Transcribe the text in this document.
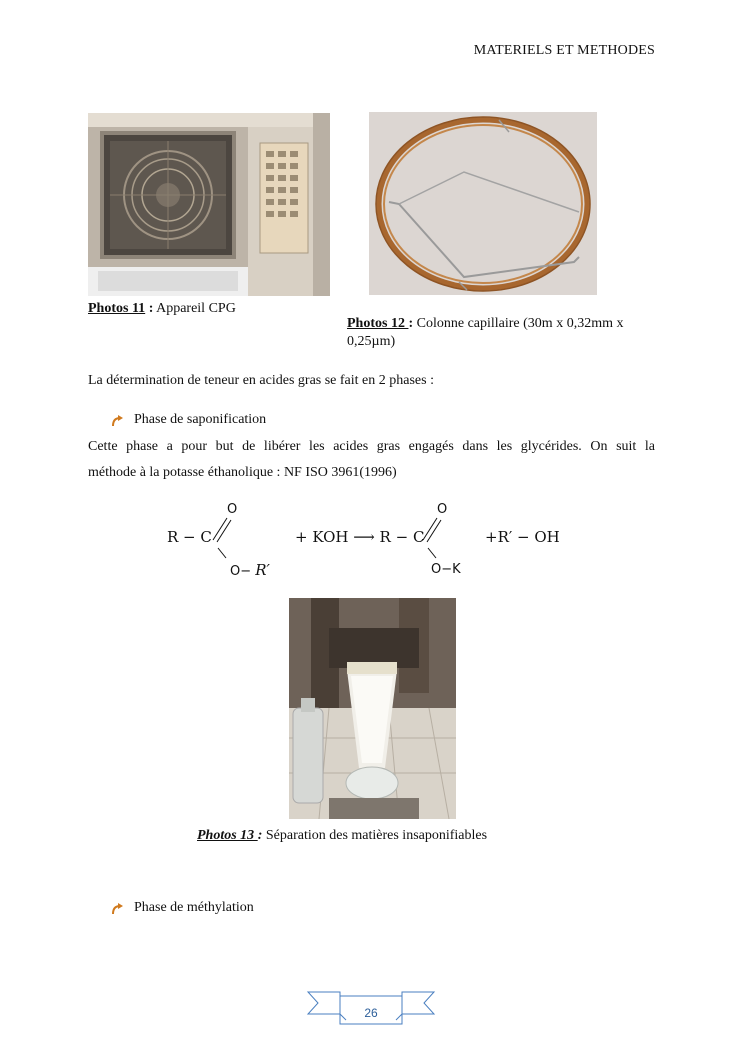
MATERIELS ET METHODES
Photos 11 : Appareil CPG
Photos 12 : Colonne capillaire (30m x 0,32mm x
0,25µm)
La détermination de teneur en acides gras se fait en 2 phases :
Phase de saponification
Cette phase a pour but de libérer les acides gras engagés dans les glycérides. On suit la
méthode à la potasse éthanolique : NF ISO 3961(1996)
R − C
O
O− R′
+ KOH ⟶ R − C
O
O−K
+R′ − OH
Photos 13 : Séparation des matières insaponifiables
Phase de méthylation
26
